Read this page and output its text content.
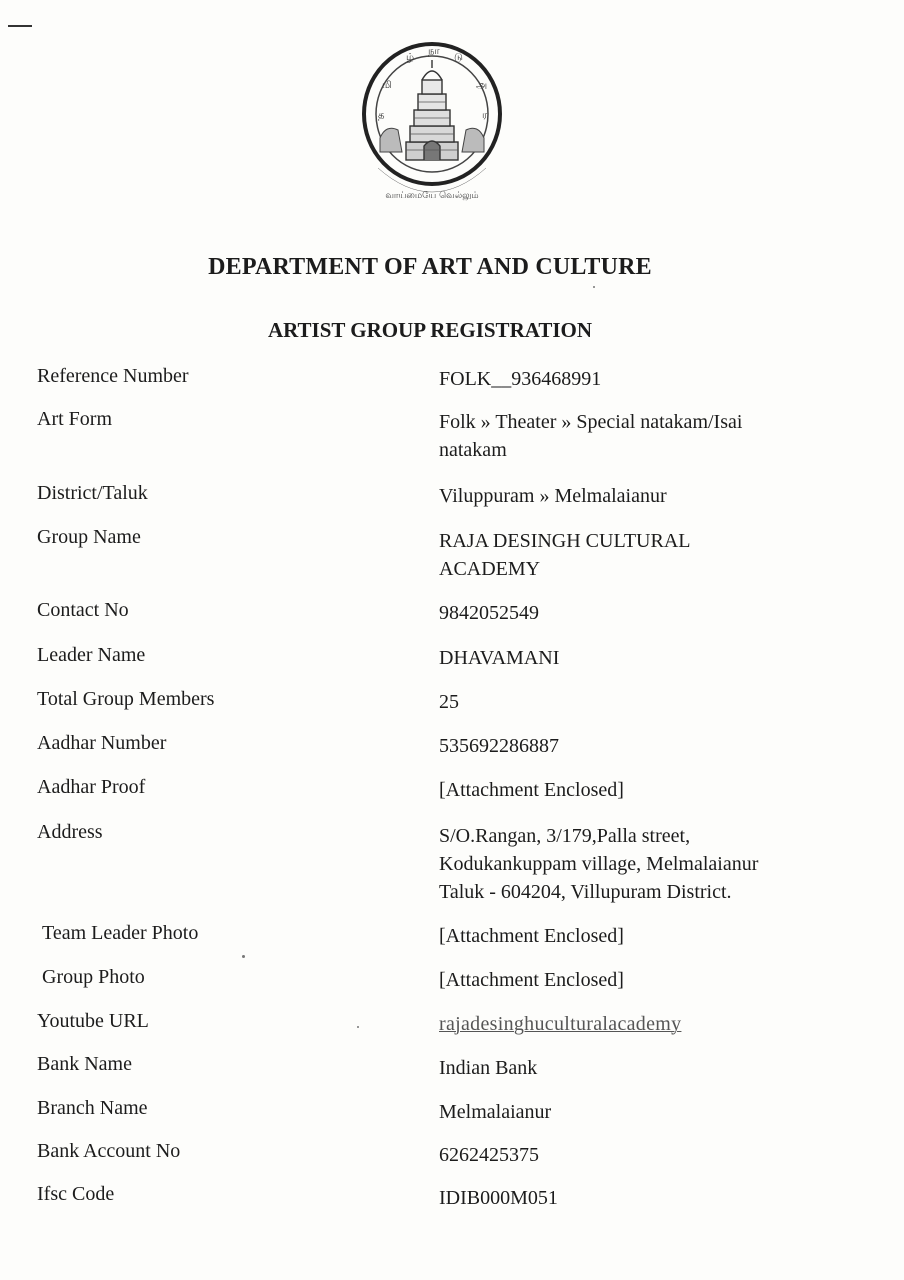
த
மி
ழ்
நா
டு
அ
ர
வாய்மையே வெல்லும்
DEPARTMENT OF ART AND CULTURE
ARTIST GROUP REGISTRATION
Reference Number	FOLK__936468991
Art Form	Folk » Theater » Special natakam/Isai natakam
District/Taluk	Viluppuram » Melmalaianur
Group Name	RAJA DESINGH CULTURAL ACADEMY
Contact No	9842052549
Leader Name	DHAVAMANI
Total Group Members	25
Aadhar Number	535692286887
Aadhar Proof	[Attachment Enclosed]
Address	S/O.Rangan, 3/179,Palla street, Kodukankuppam village, Melmalaianur Taluk - 604204, Villupuram District.
Team Leader Photo	[Attachment Enclosed]
Group Photo	[Attachment Enclosed]
Youtube URL	rajadesinghuculturalacademy
Bank Name	Indian Bank
Branch Name	Melmalaianur
Bank Account No	6262425375
Ifsc Code	IDIB000M051
